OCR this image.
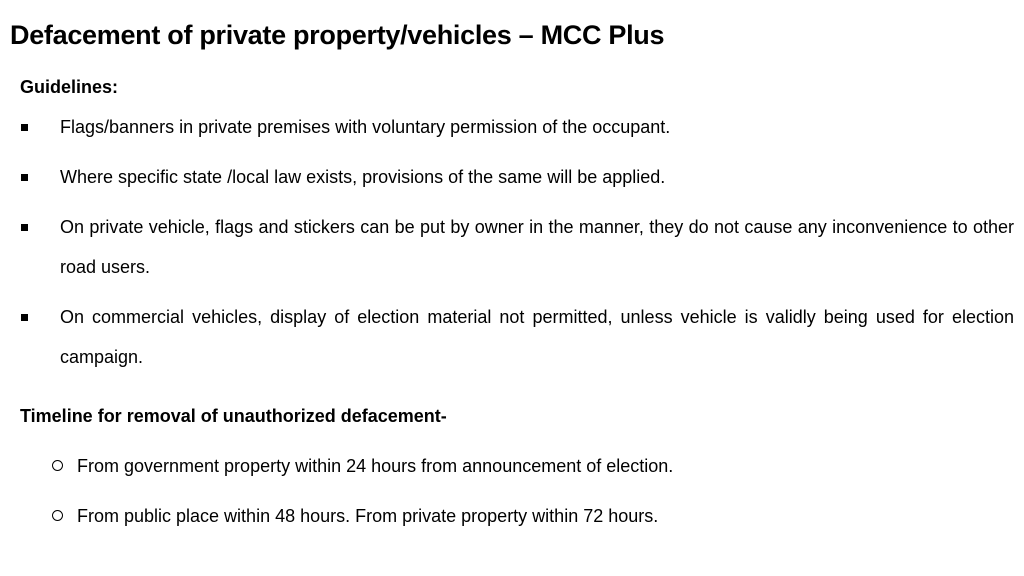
Defacement of private property/vehicles – MCC Plus
Guidelines:
Flags/banners in private premises with voluntary permission of the occupant.
Where specific state /local law exists, provisions of the same will be applied.
On private vehicle, flags and stickers can be put by owner in the manner, they do not cause any inconvenience to other road users.
On commercial vehicles, display of election material not permitted, unless vehicle is validly being used for election campaign.
Timeline for removal of unauthorized defacement-
From government property within 24 hours from announcement of election.
From public place within 48 hours. From private property within 72 hours.
